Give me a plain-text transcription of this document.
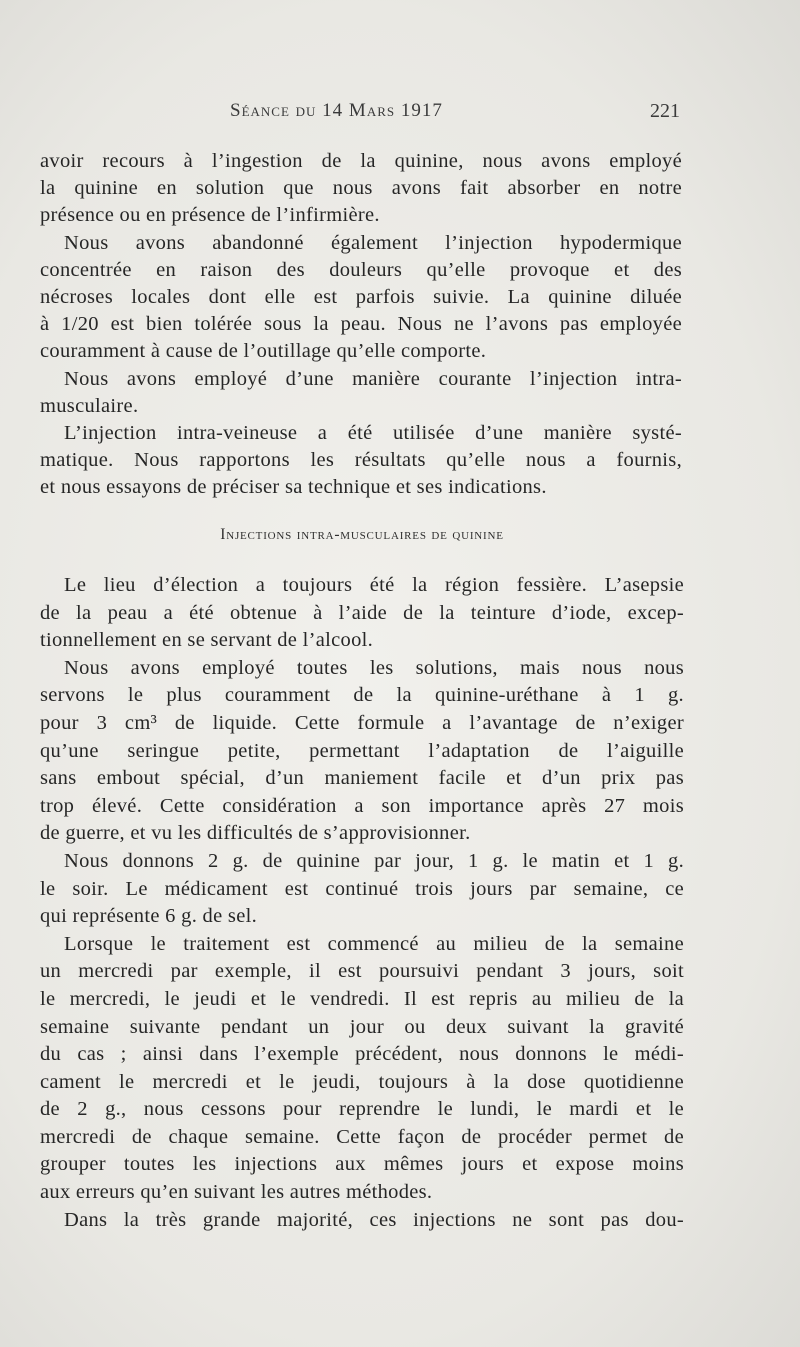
Séance du 14 Mars 1917	221
avoir recours à l’ingestion de la quinine, nous avons employé
la quinine en solution que nous avons fait absorber en notre
présence ou en présence de l’infirmière.
Nous avons abandonné également l’injection hypodermique
concentrée en raison des douleurs qu’elle provoque et des
nécroses locales dont elle est parfois suivie. La quinine diluée
à 1/20 est bien tolérée sous la peau. Nous ne l’avons pas employée
couramment à cause de l’outillage qu’elle comporte.
Nous avons employé d’une manière courante l’injection intra-
musculaire.
L’injection intra-veineuse a été utilisée d’une manière systé-
matique. Nous rapportons les résultats qu’elle nous a fournis,
et nous essayons de préciser sa technique et ses indications.
Injections intra-musculaires de quinine
Le lieu d’élection a toujours été la région fessière. L’asepsie
de la peau a été obtenue à l’aide de la teinture d’iode, excep-
tionnellement en se servant de l’alcool.
Nous avons employé toutes les solutions, mais nous nous
servons le plus couramment de la quinine-uréthane à 1 g.
pour 3 cm³ de liquide. Cette formule a l’avantage de n’exiger
qu’une seringue petite, permettant l’adaptation de l’aiguille
sans embout spécial, d’un maniement facile et d’un prix pas
trop élevé. Cette considération a son importance après 27 mois
de guerre, et vu les difficultés de s’approvisionner.
Nous donnons 2 g. de quinine par jour, 1 g. le matin et 1 g.
le soir. Le médicament est continué trois jours par semaine, ce
qui représente 6 g. de sel.
Lorsque le traitement est commencé au milieu de la semaine
un mercredi par exemple, il est poursuivi pendant 3 jours, soit
le mercredi, le jeudi et le vendredi. Il est repris au milieu de la
semaine suivante pendant un jour ou deux suivant la gravité
du cas ; ainsi dans l’exemple précédent, nous donnons le médi-
cament le mercredi et le jeudi, toujours à la dose quotidienne
de 2 g., nous cessons pour reprendre le lundi, le mardi et le
mercredi de chaque semaine. Cette façon de procéder permet de
grouper toutes les injections aux mêmes jours et expose moins
aux erreurs qu’en suivant les autres méthodes.
Dans la très grande majorité, ces injections ne sont pas dou-
